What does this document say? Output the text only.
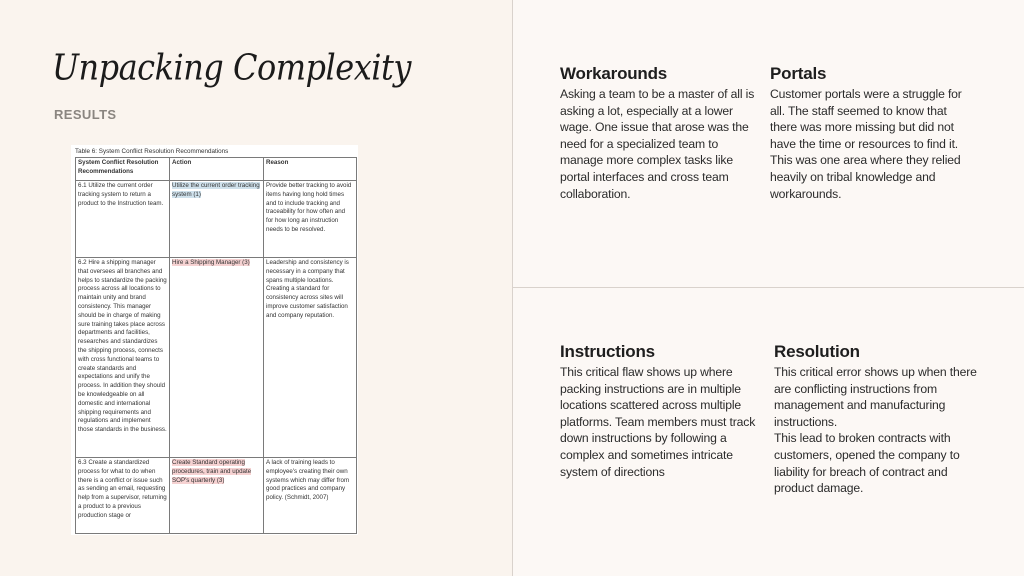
Unpacking Complexity
RESULTS
Table 6: System Conflict Resolution Recommendations
System Conflict Resolution Recommendations	Action	Reason
6.1 Utilize the current order tracking system to return a product to the Instruction team.	Utilize the current order tracking system (1)	Provide better tracking to avoid items having long hold times and to include tracking and traceability for how often and for how long an instruction needs to be resolved.
6.2 Hire a shipping manager that oversees all branches and helps to standardize the packing process across all locations to maintain unity and brand consistency. This manager should be in charge of making sure training takes place across departments and facilities, researches and standardizes the shipping process, connects with cross functional teams to create standards and expectations and unify the process. In addition they should be knowledgeable on all domestic and international shipping requirements and regulations and implement those standards in the business.	Hire a Shipping Manager (3)	Leadership and consistency is necessary in a company that spans multiple locations. Creating a standard for consistency across sites will improve customer satisfaction and company reputation.
6.3 Create a standardized process for what to do when there is a conflict or issue such as sending an email, requesting help from a supervisor, returning a product to a previous production stage or	Create Standard operating procedures, train and update SOP's quarterly (3)	A lack of training leads to employee's creating their own systems which may differ from good practices and company policy. (Schmidt, 2007)
Workarounds
Asking a team to be a master of all is asking a lot, especially at a lower wage. One issue that arose was the need for a specialized team to manage more complex tasks like portal interfaces and cross team collaboration.
Portals
Customer portals were a struggle for all. The staff seemed to know that there was more missing but did not have the time or resources to find it. This was one area where they relied heavily on tribal knowledge and workarounds.
Instructions
This critical flaw shows up where packing instructions are in multiple locations scattered across multiple platforms. Team members must track down instructions by following a complex and sometimes intricate system of directions
Resolution
This critical error shows up when there are conflicting instructions from management and manufacturing instructions.
This lead to broken contracts with customers, opened the company to liability for breach of contract and product damage.
